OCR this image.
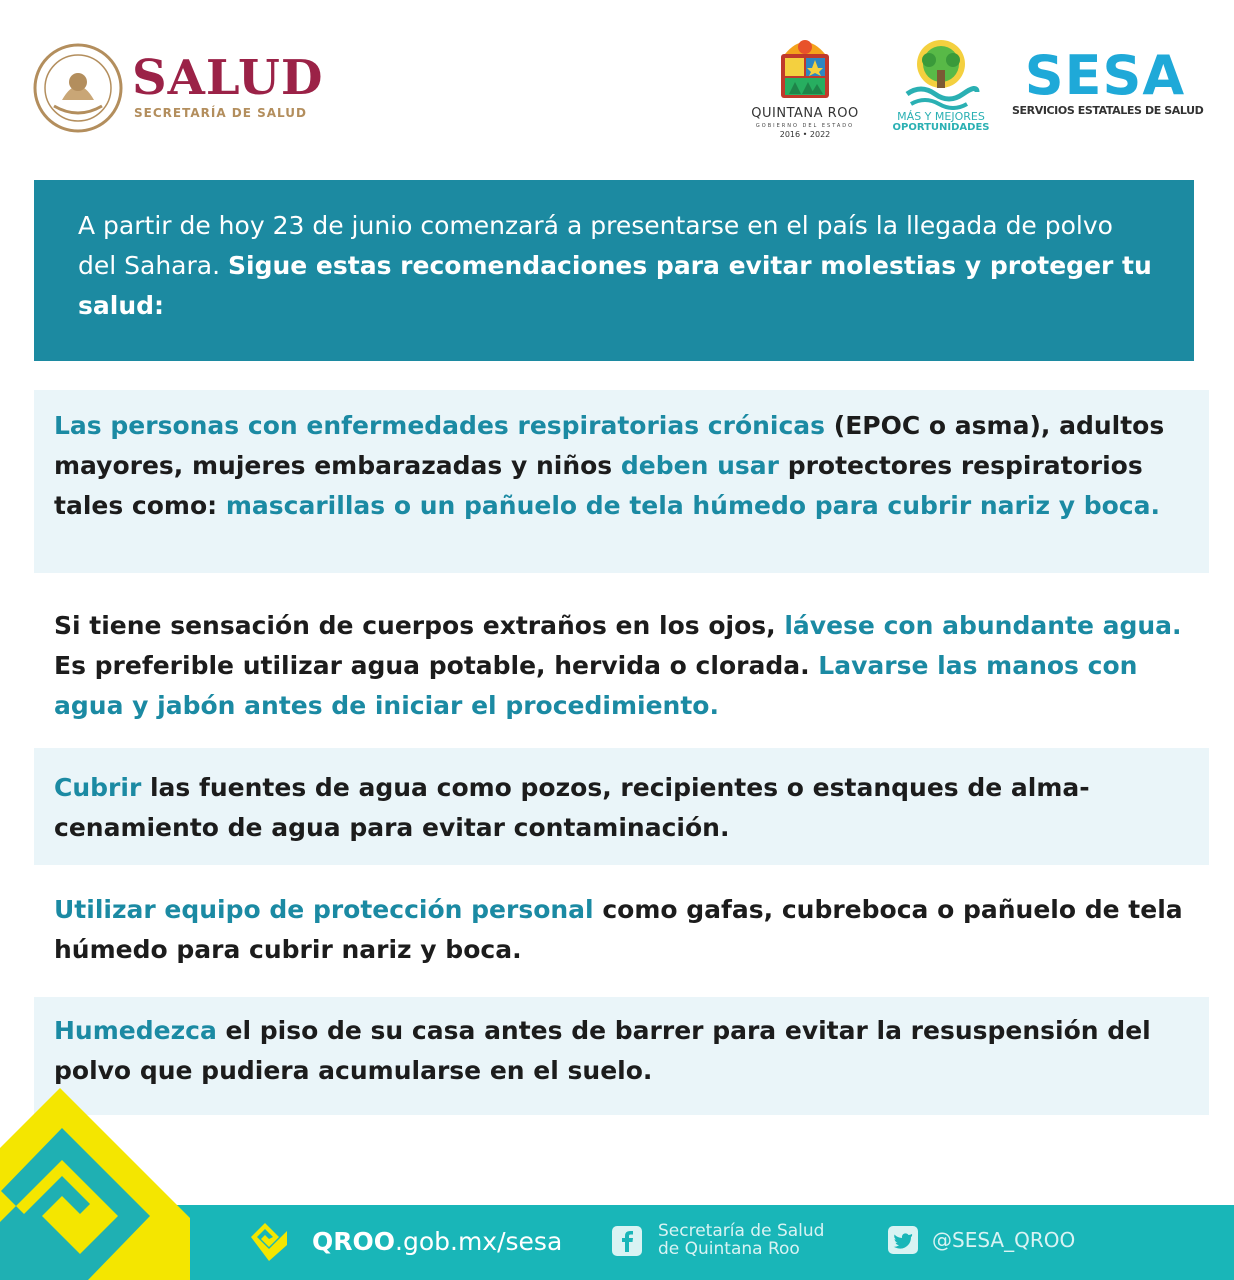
SALUD
SECRETARÍA DE SALUD	QUINTANA ROO
GOBIERNO DEL ESTADO
2016 • 2022
MÁS Y MEJORES
OPORTUNIDADES
SESA
SERVICIOS ESTATALES DE SALUD
A partir de hoy 23 de junio comenzará a presentarse en el país la llegada de polvo del Sahara. Sigue estas recomendaciones para evitar molestias y proteger tu salud:
Las personas con enfermedades respiratorias crónicas (EPOC o asma), adultos mayores, mujeres embarazadas y niños deben usar protectores respiratorios tales como: mascarillas o un pañuelo de tela húmedo para cubrir nariz y boca.
Si tiene sensación de cuerpos extraños en los ojos, lávese con abundante agua. Es preferible utilizar agua potable, hervida o clorada. Lavarse las manos con agua y jabón antes de iniciar el procedimiento.
Cubrir las fuentes de agua como pozos, recipientes o estanques de alma-cenamiento de agua para evitar contaminación.
Utilizar equipo de protección personal como gafas, cubreboca o pañuelo de tela húmedo para cubrir nariz y boca.
Humedezca el piso de su casa antes de barrer para evitar la resuspensión del polvo que pudiera acumularse en el suelo.
QROO.gob.mx/sesa	Secretaría de Salud
de Quintana Roo	@SESA_QROO
